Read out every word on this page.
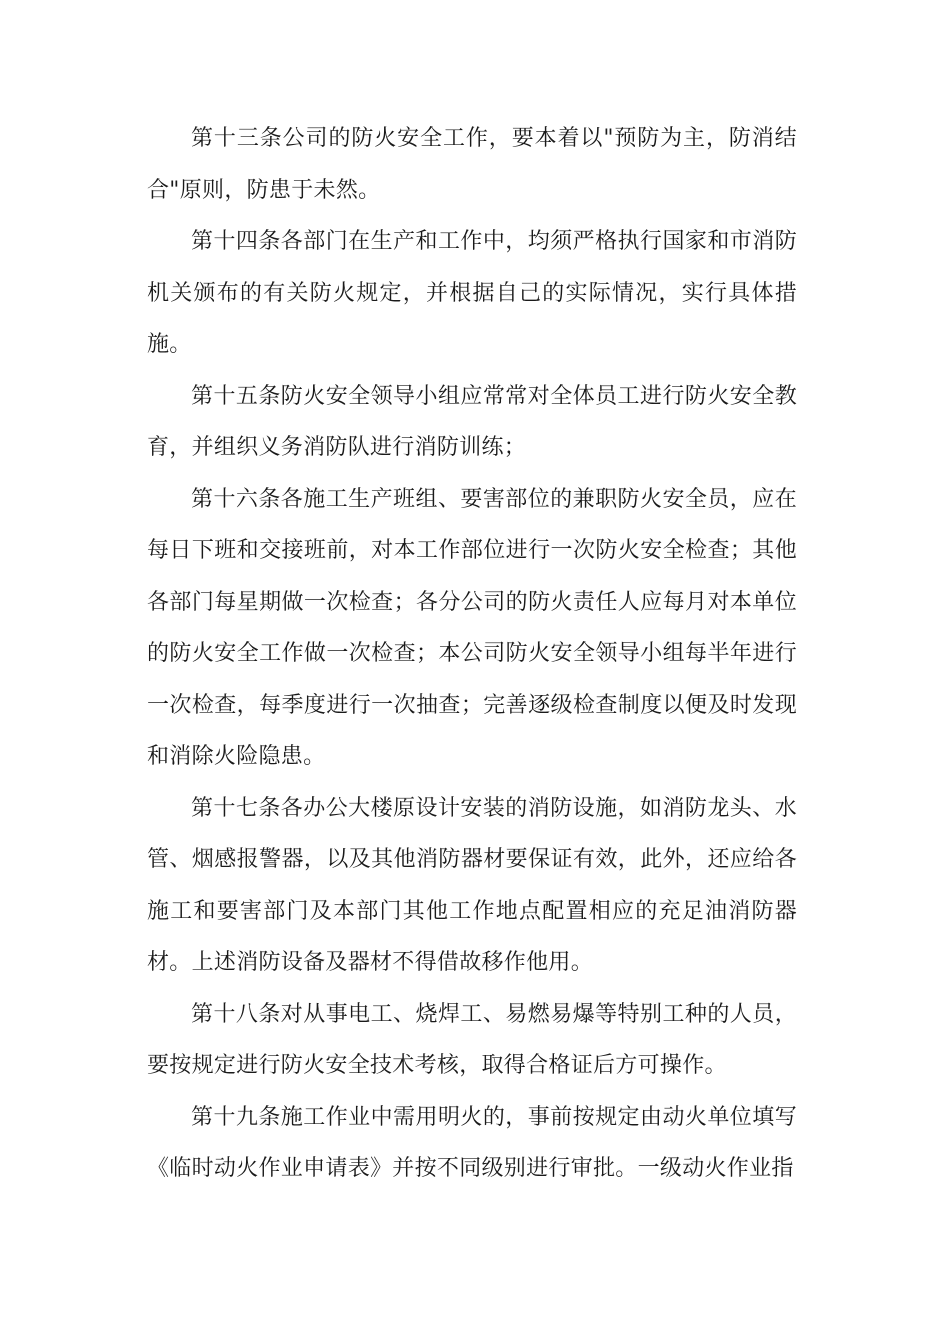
第十三条公司的防火安全工作，要本着以"预防为主，防消结合"原则，防患于未然。

第十四条各部门在生产和工作中，均须严格执行国家和市消防机关颁布的有关防火规定，并根据自己的实际情况，实行具体措施。

第十五条防火安全领导小组应常常对全体员工进行防火安全教育，并组织义务消防队进行消防训练；

第十六条各施工生产班组、要害部位的兼职防火安全员，应在每日下班和交接班前，对本工作部位进行一次防火安全检查；其他各部门每星期做一次检查；各分公司的防火责任人应每月对本单位的防火安全工作做一次检查；本公司防火安全领导小组每半年进行一次检查，每季度进行一次抽查；完善逐级检查制度以便及时发现和消除火险隐患。

第十七条各办公大楼原设计安装的消防设施，如消防龙头、水管、烟感报警器，以及其他消防器材要保证有效，此外，还应给各施工和要害部门及本部门其他工作地点配置相应的充足油消防器材。上述消防设备及器材不得借故移作他用。

第十八条对从事电工、烧焊工、易燃易爆等特别工种的人员，要按规定进行防火安全技术考核，取得合格证后方可操作。

第十九条施工作业中需用明火的，事前按规定由动火单位填写《临时动火作业申请表》并按不同级别进行审批。一级动火作业指
